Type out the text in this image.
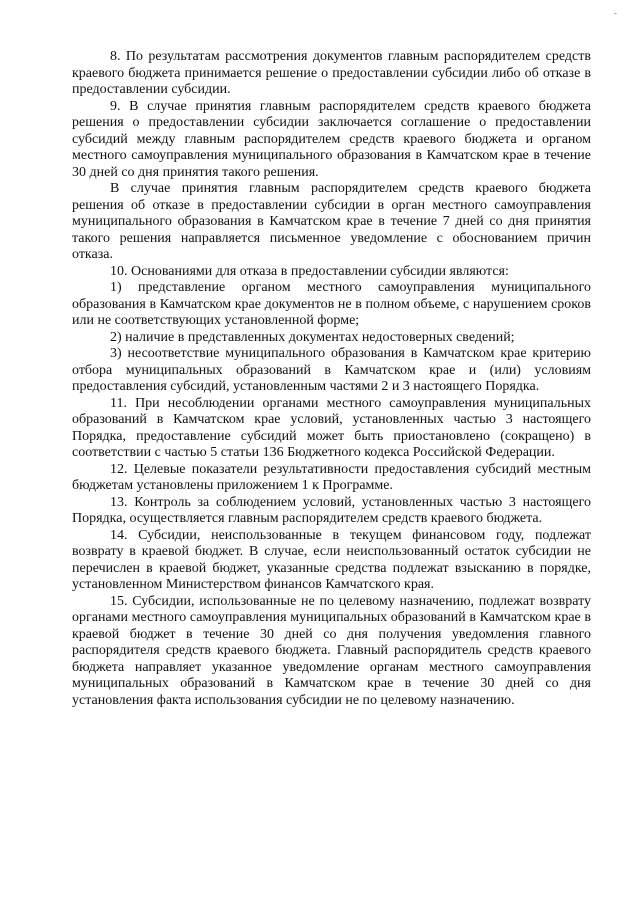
-

8. По результатам рассмотрения документов главным распорядителем средств краевого бюджета принимается решение о предоставлении субсидии либо об отказе в предоставлении субсидии.

9. В случае принятия главным распорядителем средств краевого бюджета решения о предоставлении субсидии заключается соглашение о предоставлении субсидий между главным распорядителем средств краевого бюджета и органом местного самоуправления муниципального образования в Камчатском крае в течение 30 дней со дня принятия такого решения.

В случае принятия главным распорядителем средств краевого бюджета решения об отказе в предоставлении субсидии в орган местного самоуправления муниципального образования в Камчатском крае в течение 7 дней со дня принятия такого решения направляется письменное уведомление с обоснованием причин отказа.

10. Основаниями для отказа в предоставлении субсидии являются:

1) представление органом местного самоуправления муниципального образования в Камчатском крае документов не в полном объеме, с нарушением сроков или не соответствующих установленной форме;

2) наличие в представленных документах недостоверных сведений;

3) несоответствие муниципального образования в Камчатском крае критерию отбора муниципальных образований в Камчатском крае и (или) условиям предоставления субсидий, установленным частями 2 и 3 настоящего Порядка.

11. При несоблюдении органами местного самоуправления муниципальных образований в Камчатском крае условий, установленных частью 3 настоящего Порядка, предоставление субсидий может быть приостановлено (сокращено) в соответствии с частью 5 статьи 136 Бюджетного кодекса Российской Федерации.

12. Целевые показатели результативности предоставления субсидий местным бюджетам установлены приложением 1 к Программе.

13. Контроль за соблюдением условий, установленных частью 3 настоящего Порядка, осуществляется главным распорядителем средств краевого бюджета.

14. Субсидии, неиспользованные в текущем финансовом году, подлежат возврату в краевой бюджет. В случае, если неиспользованный остаток субсидии не перечислен в краевой бюджет, указанные средства подлежат взысканию в порядке, установленном Министерством финансов Камчатского края.

15. Субсидии, использованные не по целевому назначению, подлежат возврату органами местного самоуправления муниципальных образований в Камчатском крае в краевой бюджет в течение 30 дней со дня получения уведомления главного распорядителя средств краевого бюджета. Главный распорядитель средств краевого бюджета направляет указанное уведомление органам местного самоуправления муниципальных образований в Камчатском крае в течение 30 дней со дня установления факта использования субсидии не по целевому назначению.
